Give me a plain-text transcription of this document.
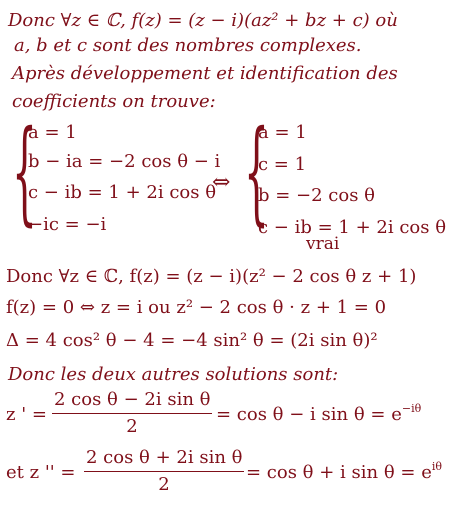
Donc ∀z ∈ ℂ, f(z) = (z − i)(az² + bz + c) où
a, b et c sont des nombres complexes.
Après développement et identification des
coefficients on trouve:
{
a = 1
b − ia = −2 cos θ − i
c − ib = 1 + 2i cos θ
−ic = −i
⇔ {
a = 1
c = 1
b = −2 cos θ
c − ib = 1 + 2i cos θ
vrai
Donc ∀z ∈ ℂ, f(z) = (z − i)(z² − 2 cos θ z + 1)
f(z) = 0 ⇔ z = i ou z² − 2 cos θ · z + 1 = 0
Δ = 4 cos² θ − 4 = −4 sin² θ = (2i sin θ)²
Donc les deux autres solutions sont:
z ' = $\frac{\text{2 cos θ − 2i sin θ}}{2} = \cos \theta - i$ $\sin \theta = e^{-i\theta}$
et z '' = $\frac{\text{2 cos θ + 2i sin θ}}{2} = \cos \theta + i$ $\sin \theta = e^{i\theta}$
